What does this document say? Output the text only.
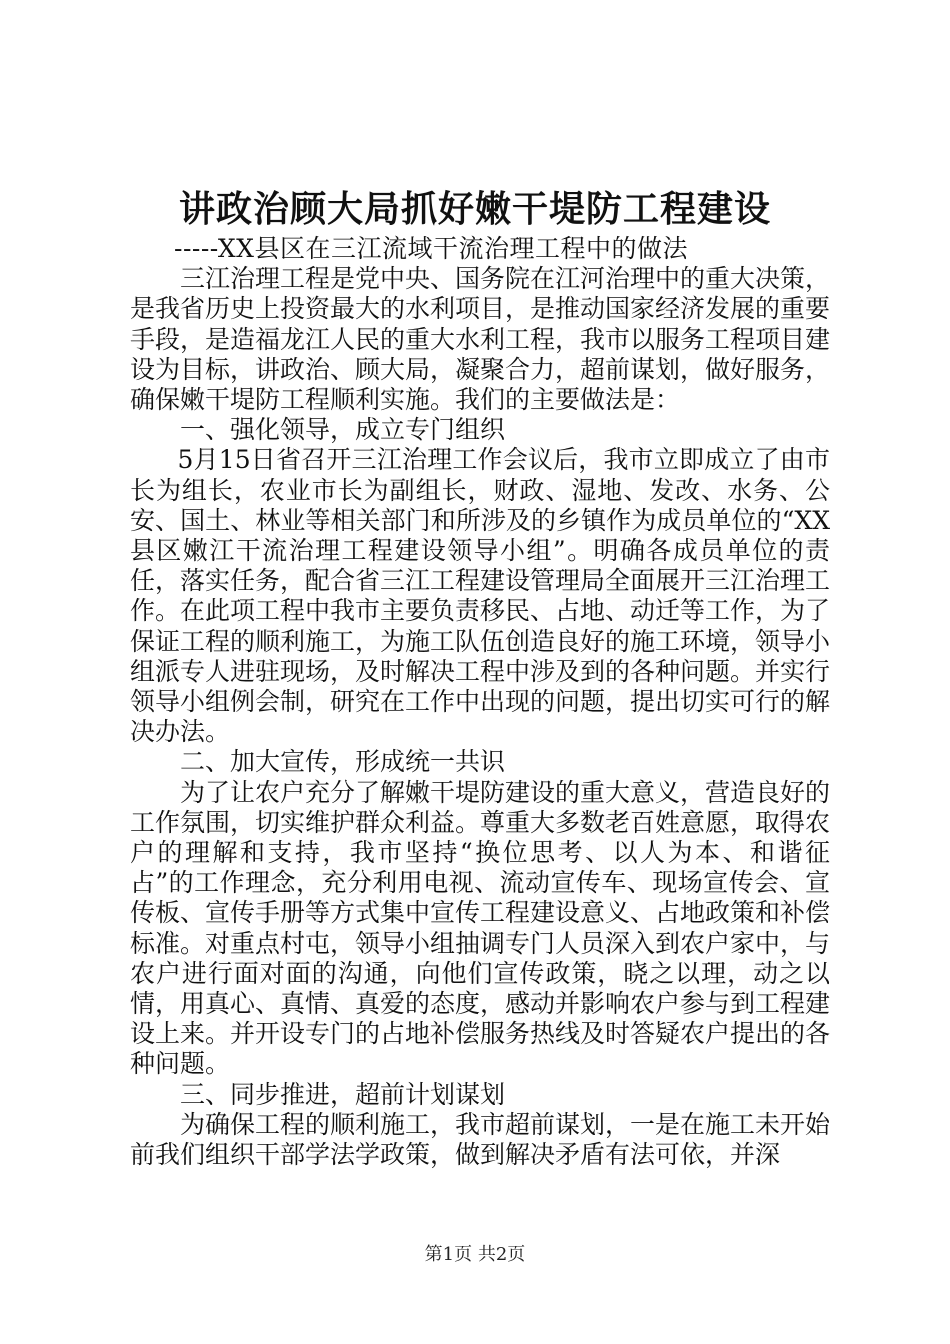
讲政治顾大局抓好嫩干堤防工程建设

-----XX县区在三江流域干流治理工程中的做法

三江治理工程是党中央、国务院在江河治理中的重大决策，是我省历史上投资最大的水利项目，是推动国家经济发展的重要手段，是造福龙江人民的重大水利工程，我市以服务工程项目建设为目标，讲政治、顾大局，凝聚合力，超前谋划，做好服务，确保嫩干堤防工程顺利实施。我们的主要做法是：

一、强化领导，成立专门组织

5月15日省召开三江治理工作会议后，我市立即成立了由市长为组长，农业市长为副组长，财政、湿地、发改、水务、公安、国土、林业等相关部门和所涉及的乡镇作为成员单位的“XX县区嫩江干流治理工程建设领导小组”。明确各成员单位的责任，落实任务，配合省三江工程建设管理局全面展开三江治理工作。在此项工程中我市主要负责移民、占地、动迁等工作，为了保证工程的顺利施工，为施工队伍创造良好的施工环境，领导小组派专人进驻现场，及时解决工程中涉及到的各种问题。并实行领导小组例会制，研究在工作中出现的问题，提出切实可行的解决办法。

二、加大宣传，形成统一共识

为了让农户充分了解嫩干堤防建设的重大意义，营造良好的工作氛围，切实维护群众利益。尊重大多数老百姓意愿，取得农户的理解和支持，我市坚持“换位思考、以人为本、和谐征占”的工作理念，充分利用电视、流动宣传车、现场宣传会、宣传板、宣传手册等方式集中宣传工程建设意义、占地政策和补偿标准。对重点村屯，领导小组抽调专门人员深入到农户家中，与农户进行面对面的沟通，向他们宣传政策，晓之以理，动之以情，用真心、真情、真爱的态度，感动并影响农户参与到工程建设上来。并开设专门的占地补偿服务热线及时答疑农户提出的各种问题。

三、同步推进，超前计划谋划

为确保工程的顺利施工，我市超前谋划，一是在施工未开始前我们组织干部学法学政策，做到解决矛盾有法可依，并深

第1页 共2页
